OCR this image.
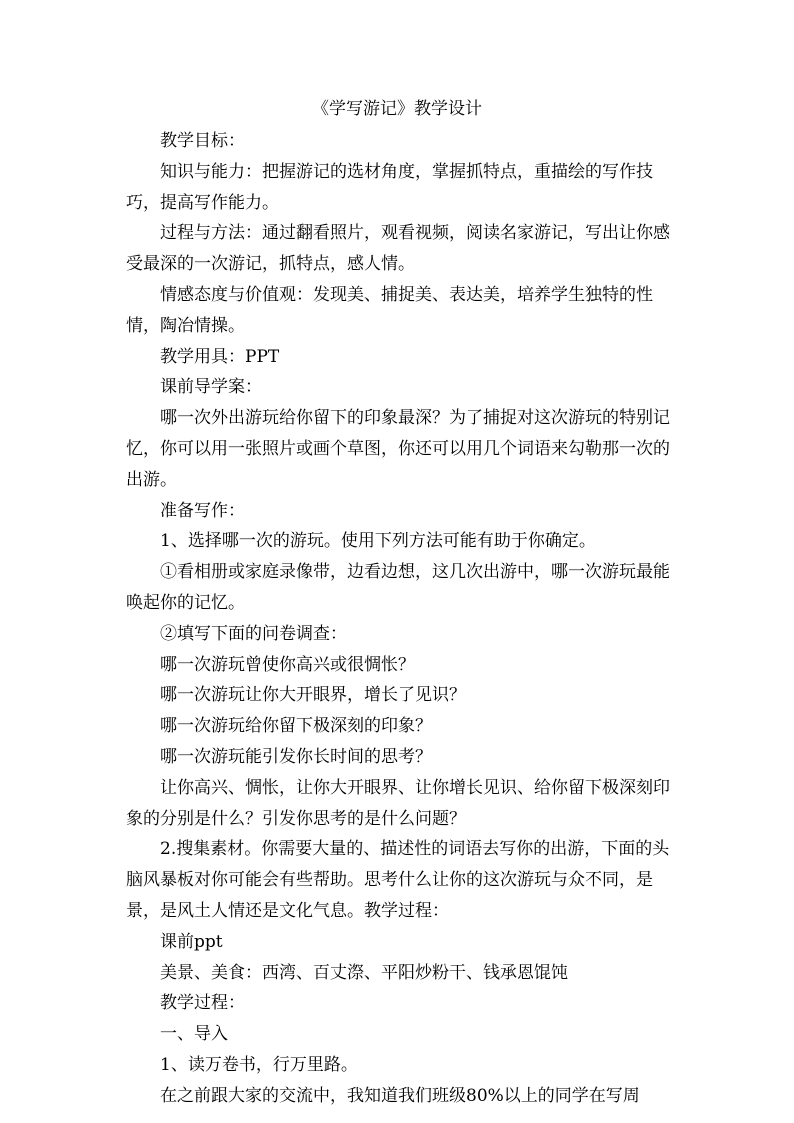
《学写游记》教学设计

教学目标：

知识与能力：把握游记的选材角度，掌握抓特点，重描绘的写作技巧，提高写作能力。

过程与方法：通过翻看照片，观看视频，阅读名家游记，写出让你感受最深的一次游记，抓特点，感人情。

情感态度与价值观：发现美、捕捉美、表达美，培养学生独特的性情，陶冶情操。

教学用具：PPT

课前导学案：

哪一次外出游玩给你留下的印象最深？为了捕捉对这次游玩的特别记忆，你可以用一张照片或画个草图，你还可以用几个词语来勾勒那一次的出游。

准备写作：

1、选择哪一次的游玩。使用下列方法可能有助于你确定。

①看相册或家庭录像带，边看边想，这几次出游中，哪一次游玩最能唤起你的记忆。

②填写下面的问卷调查：

哪一次游玩曾使你高兴或很惆怅？

哪一次游玩让你大开眼界，增长了见识？

哪一次游玩给你留下极深刻的印象？

哪一次游玩能引发你长时间的思考？

让你高兴、惆怅，让你大开眼界、让你增长见识、给你留下极深刻印象的分别是什么？引发你思考的是什么问题？

2.搜集素材。你需要大量的、描述性的词语去写你的出游，下面的头脑风暴板对你可能会有些帮助。思考什么让你的这次游玩与众不同，是景，是风土人情还是文化气息。教学过程：

课前ppt

美景、美食：西湾、百丈漈、平阳炒粉干、钱承恩馄饨

教学过程：

一、导入

1、读万卷书，行万里路。

在之前跟大家的交流中，我知道我们班级80%以上的同学在写周
